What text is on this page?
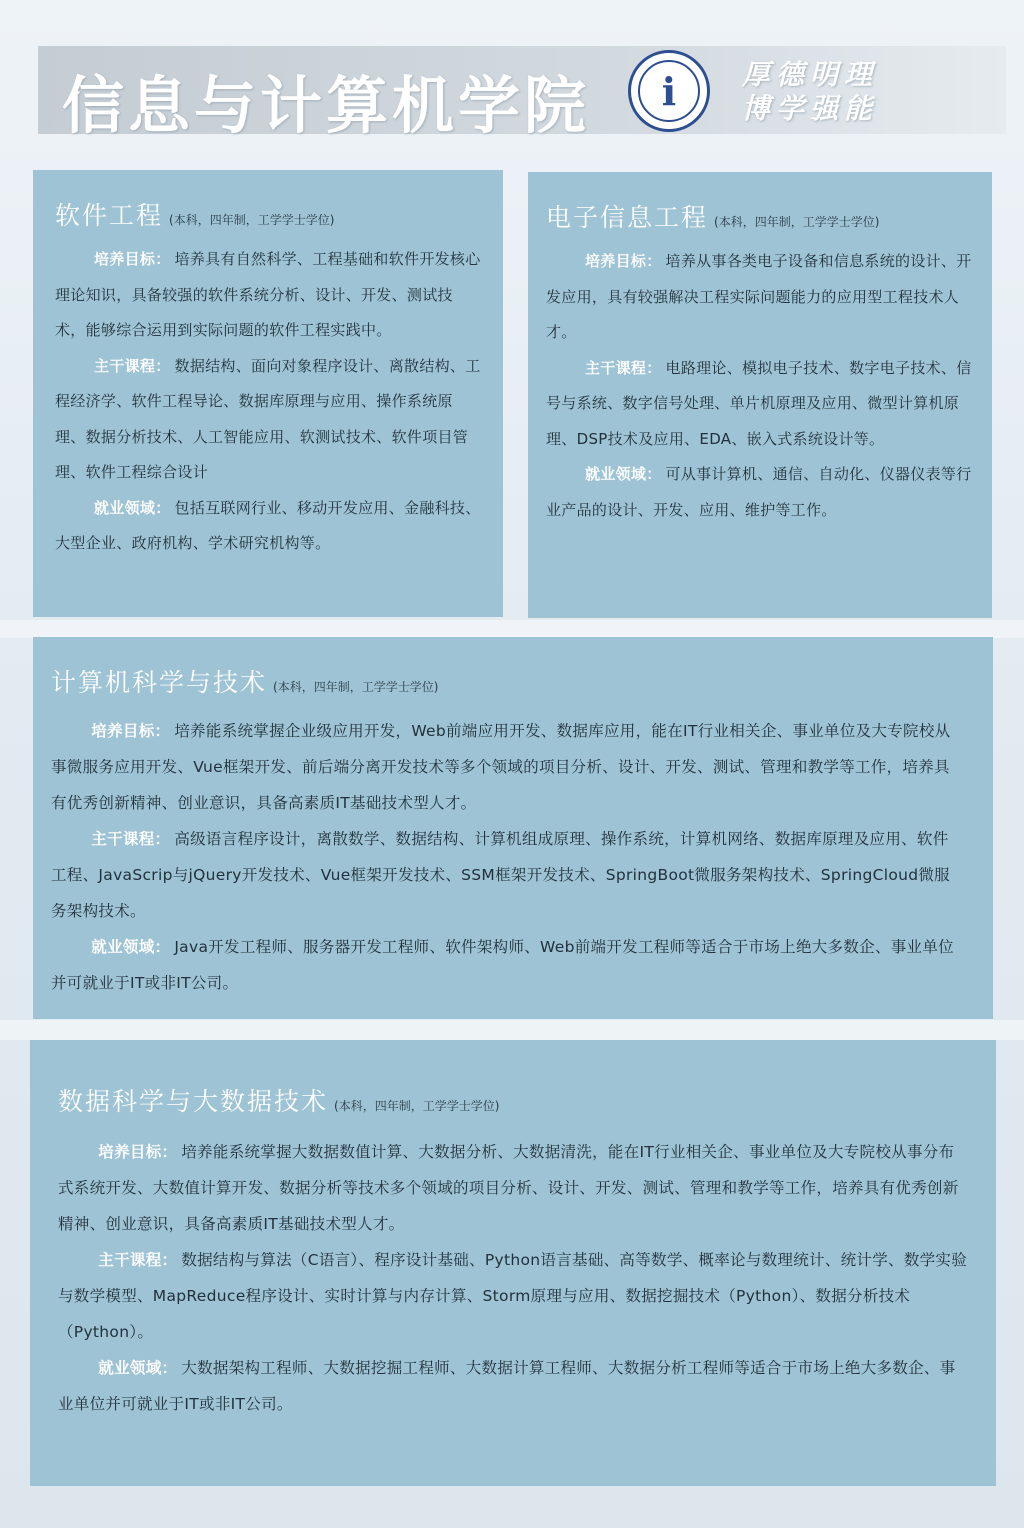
信息与计算机学院	i	厚德明理
博学强能
软件工程 (本科，四年制，工学学士学位)

培养目标： 培养具有自然科学、工程基础和软件开发核心理论知识，具备较强的软件系统分析、设计、开发、测试技术，能够综合运用到实际问题的软件工程实践中。

主干课程： 数据结构、面向对象程序设计、离散结构、工程经济学、软件工程导论、数据库原理与应用、操作系统原理、数据分析技术、人工智能应用、软测试技术、软件项目管理、软件工程综合设计

就业领域： 包括互联网行业、移动开发应用、金融科技、大型企业、政府机构、学术研究机构等。

电子信息工程 (本科，四年制，工学学士学位)

培养目标： 培养从事各类电子设备和信息系统的设计、开发应用，具有较强解决工程实际问题能力的应用型工程技术人才。

主干课程： 电路理论、模拟电子技术、数字电子技术、信号与系统、数字信号处理、单片机原理及应用、微型计算机原理、DSP技术及应用、EDA、嵌入式系统设计等。

就业领域： 可从事计算机、通信、自动化、仪器仪表等行业产品的设计、开发、应用、维护等工作。

计算机科学与技术 (本科，四年制，工学学士学位)

培养目标： 培养能系统掌握企业级应用开发，Web前端应用开发、数据库应用，能在IT行业相关企、事业单位及大专院校从事微服务应用开发、Vue框架开发、前后端分离开发技术等多个领域的项目分析、设计、开发、测试、管理和教学等工作，培养具有优秀创新精神、创业意识，具备高素质IT基础技术型人才。

主干课程： 高级语言程序设计，离散数学、数据结构、计算机组成原理、操作系统，计算机网络、数据库原理及应用、软件工程、JavaScrip与jQuery开发技术、Vue框架开发技术、SSM框架开发技术、SpringBoot微服务架构技术、SpringCloud微服务架构技术。

就业领域： Java开发工程师、服务器开发工程师、软件架构师、Web前端开发工程师等适合于市场上绝大多数企、事业单位并可就业于IT或非IT公司。

数据科学与大数据技术 (本科，四年制，工学学士学位)

培养目标： 培养能系统掌握大数据数值计算、大数据分析、大数据清洗，能在IT行业相关企、事业单位及大专院校从事分布式系统开发、大数值计算开发、数据分析等技术多个领域的项目分析、设计、开发、测试、管理和教学等工作，培养具有优秀创新精神、创业意识，具备高素质IT基础技术型人才。

主干课程： 数据结构与算法（C语言）、程序设计基础、Python语言基础、高等数学、概率论与数理统计、统计学、数学实验与数学模型、MapReduce程序设计、实时计算与内存计算、Storm原理与应用、数据挖掘技术（Python）、数据分析技术（Python）。

就业领域： 大数据架构工程师、大数据挖掘工程师、大数据计算工程师、大数据分析工程师等适合于市场上绝大多数企、事业单位并可就业于IT或非IT公司。
